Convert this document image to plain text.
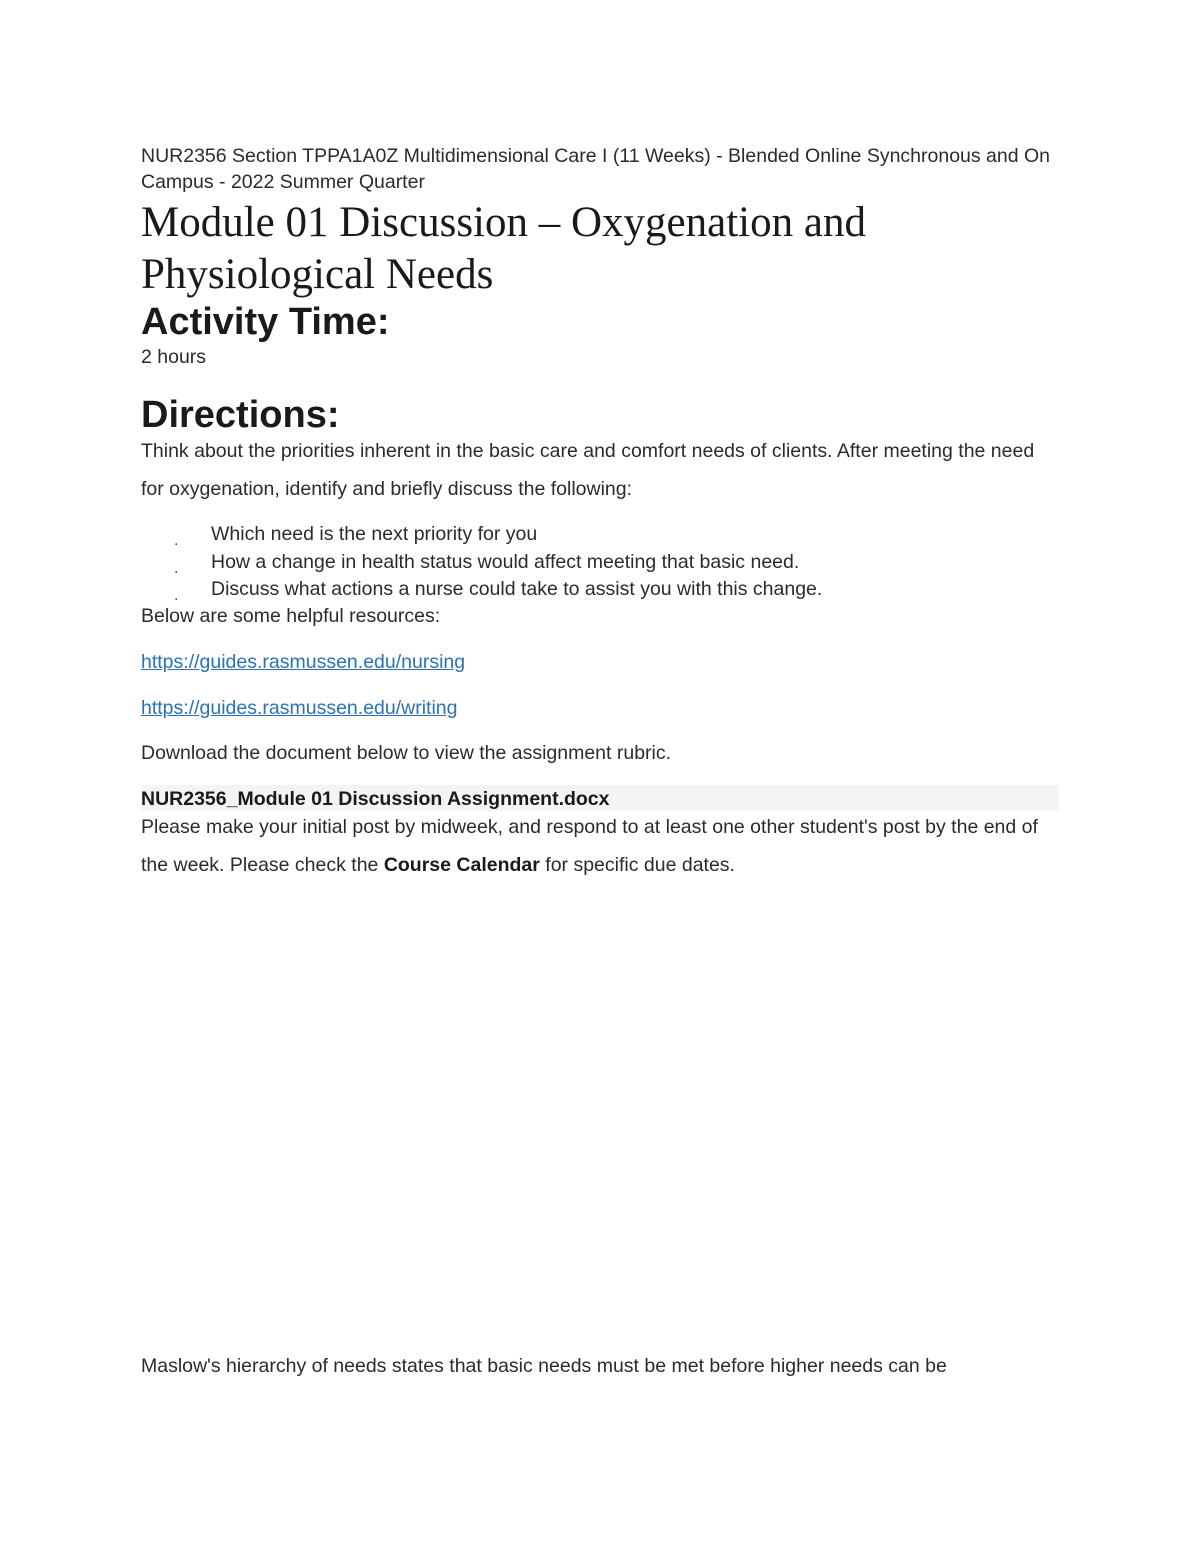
NUR2356 Section TPPA1A0Z Multidimensional Care I (11 Weeks) - Blended Online Synchronous and On Campus - 2022 Summer Quarter

Module 01 Discussion – Oxygenation and Physiological Needs
Activity Time:

2 hours

Directions:

Think about the priorities inherent in the basic care and comfort needs of clients. After meeting the need for oxygenation, identify and briefly discuss the following:

. Which need is the next priority for you
. How a change in health status would affect meeting that basic need.
. Discuss what actions a nurse could take to assist you with this change.

Below are some helpful resources:

https://guides.rasmussen.edu/nursing
https://guides.rasmussen.edu/writing

Download the document below to view the assignment rubric.

NUR2356_Module 01 Discussion Assignment.docx

Please make your initial post by midweek, and respond to at least one other student's post by the end of the week. Please check the Course Calendar for specific due dates.

Maslow's hierarchy of needs states that basic needs must be met before higher needs can be
